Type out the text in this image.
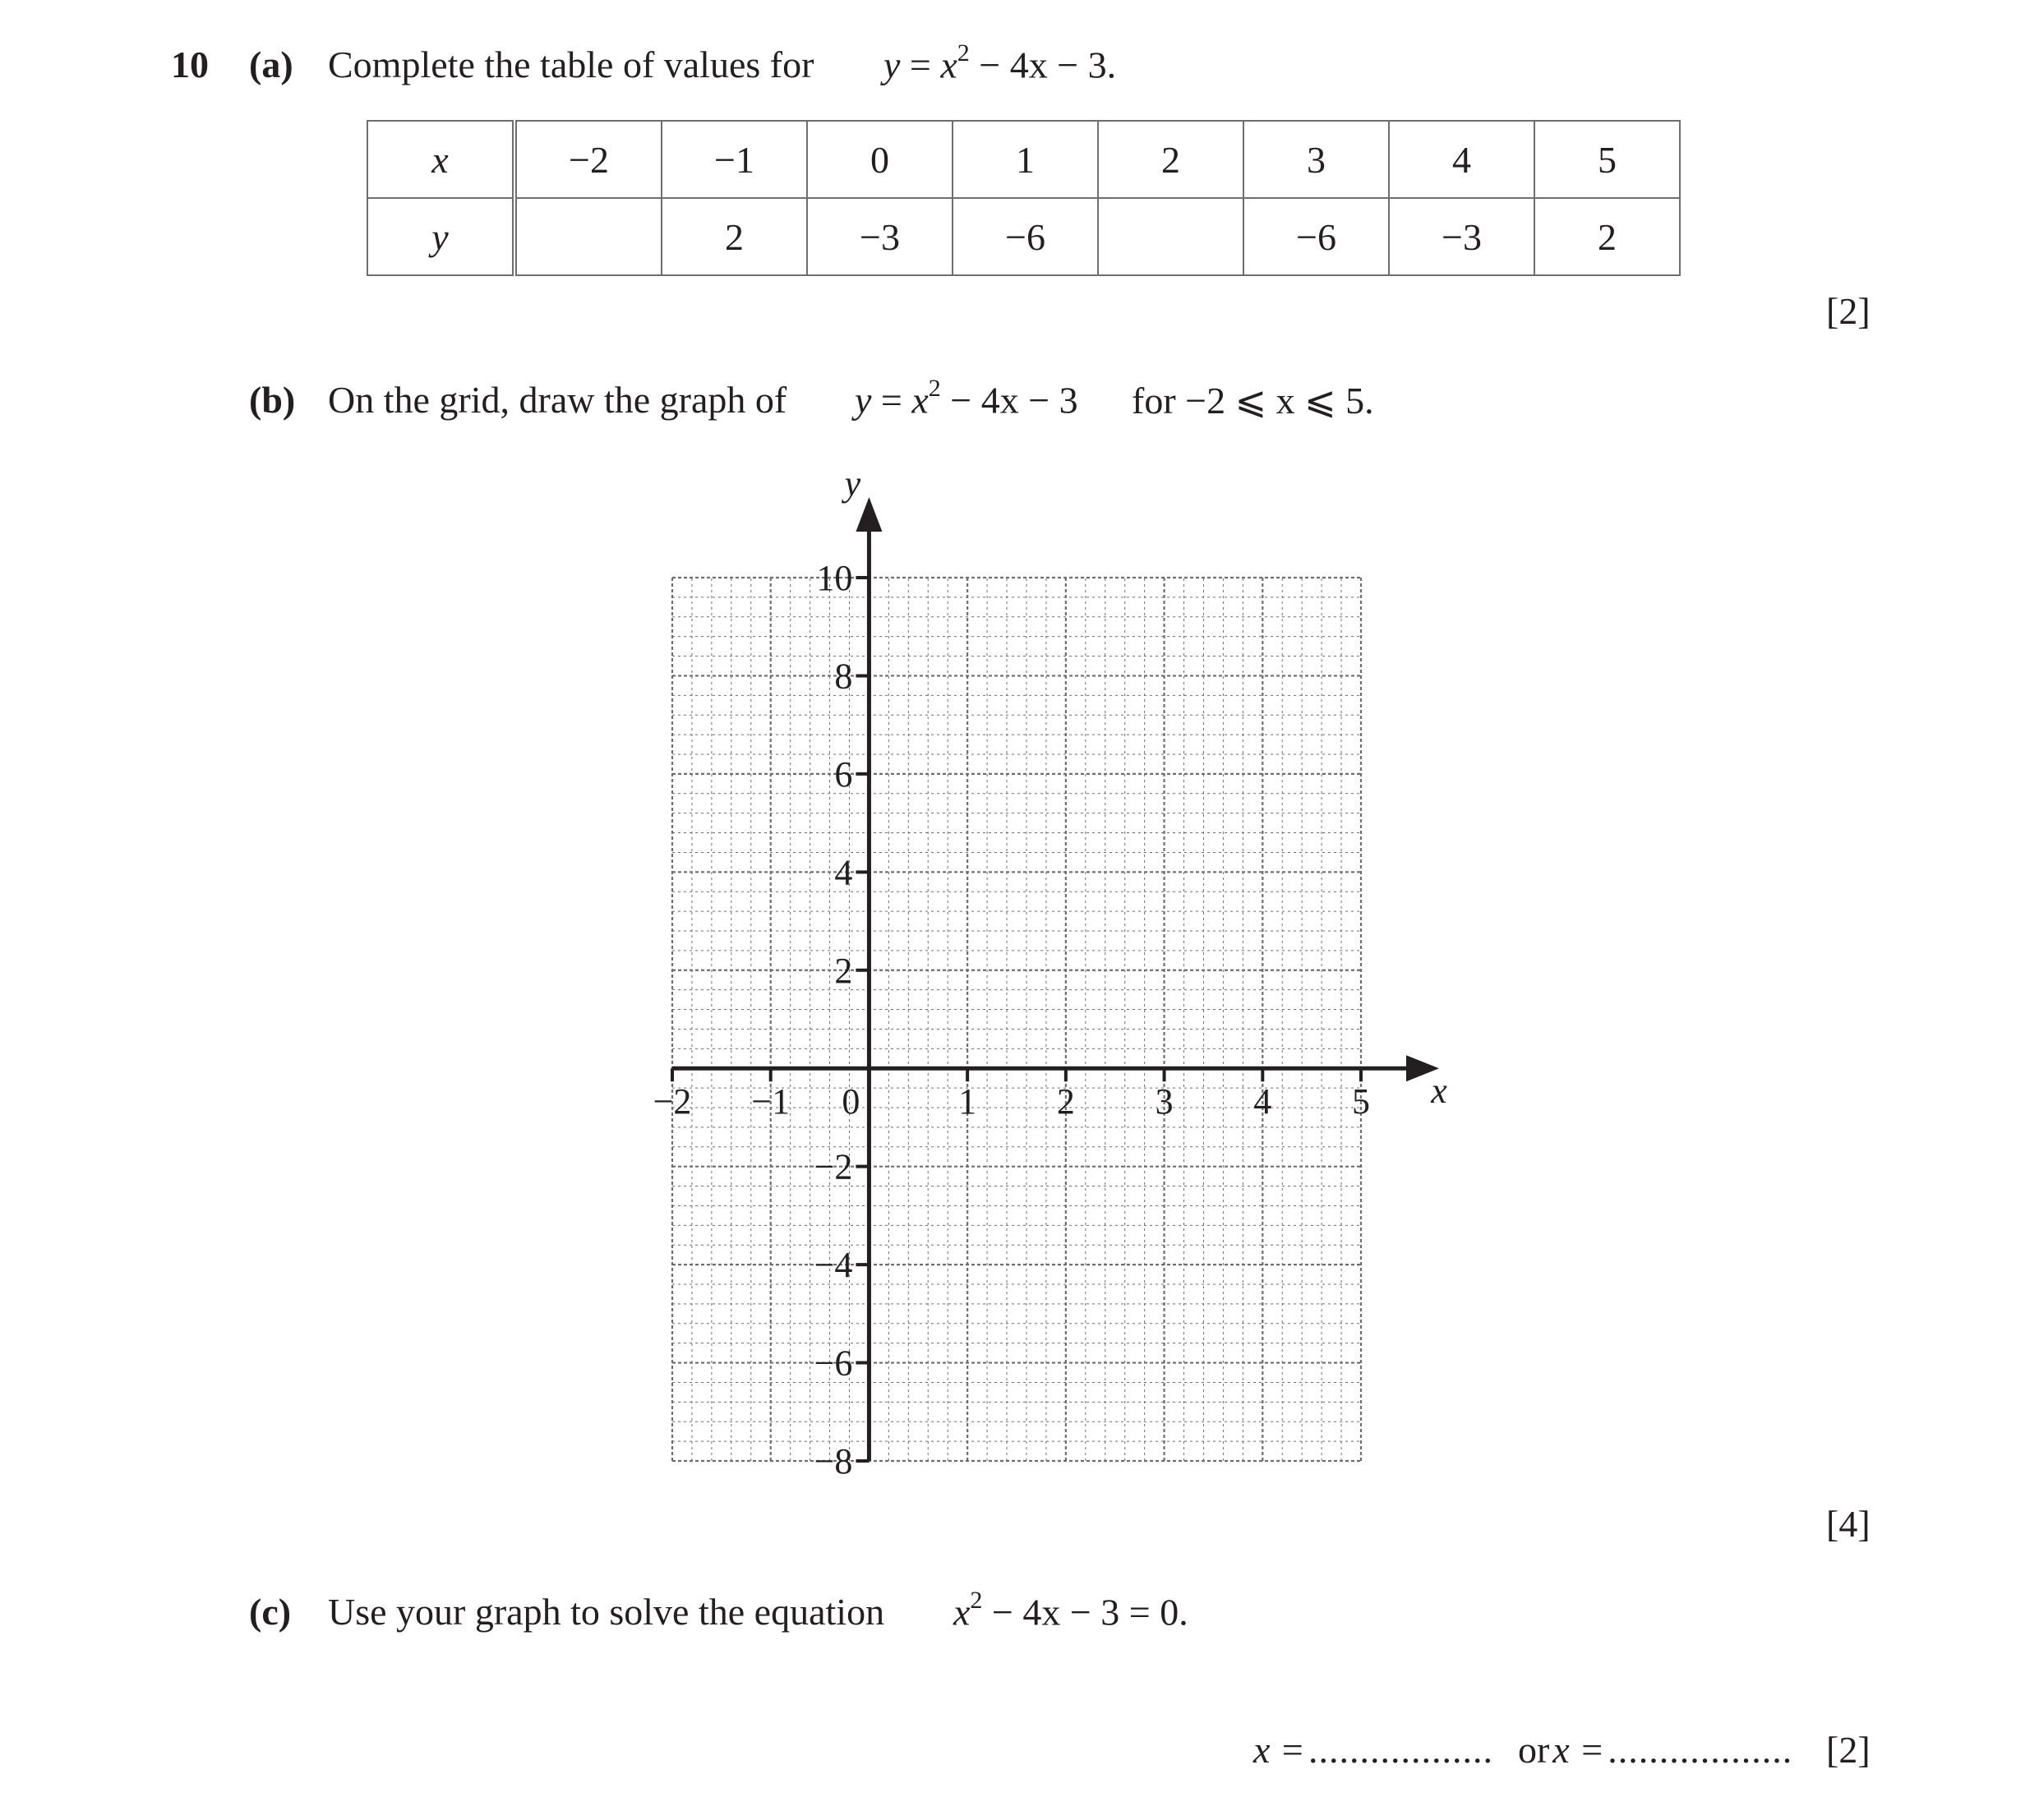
10 (a) Complete the table of values for $y = x^2 - 4x - 3$.
x	−2	−1	0	1	2	3	4	5
y		2	−3	−6		−6	−3	2
[2]
(b) On the grid, draw the graph of $y = x^2 - 4x - 3$ for −2 ⩽ x ⩽ 5.
−2 −1 0	1 2 3 4 5
−8
−6
−4
−2
2
4
6
8
10
x
y
[4]
(c) Use your graph to solve the equation $x^2 - 4x - 3 = 0$.
x = .................. or x = .................. [2]
